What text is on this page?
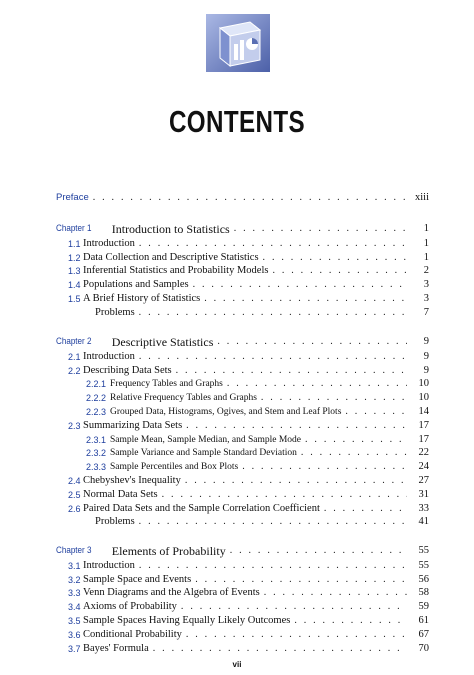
CONTENTS
Preface . . .	xiii
Chapter 1 Introduction to Statistics . . .	1
1.1 Introduction . . .	1
1.2 Data Collection and Descriptive Statistics . . .	1
1.3 Inferential Statistics and Probability Models . . .	2
1.4 Populations and Samples . . .	3
1.5 A Brief History of Statistics . . .	3
Problems . . .	7
Chapter 2 Descriptive Statistics . . .	9
2.1 Introduction . . .	9
2.2 Describing Data Sets . . .	9
2.2.1 Frequency Tables and Graphs . . .	10
2.2.2 Relative Frequency Tables and Graphs . . .	10
2.2.3 Grouped Data, Histograms, Ogives, and Stem and Leaf Plots . . .	14
2.3 Summarizing Data Sets . . .	17
2.3.1 Sample Mean, Sample Median, and Sample Mode . . .	17
2.3.2 Sample Variance and Sample Standard Deviation . . .	22
2.3.3 Sample Percentiles and Box Plots . . .	24
2.4 Chebyshev's Inequality . . .	27
2.5 Normal Data Sets . . .	31
2.6 Paired Data Sets and the Sample Correlation Coefficient . . .	33
Problems . . .	41
Chapter 3 Elements of Probability . . .	55
3.1 Introduction . . .	55
3.2 Sample Space and Events . . .	56
3.3 Venn Diagrams and the Algebra of Events . . .	58
3.4 Axioms of Probability . . .	59
3.5 Sample Spaces Having Equally Likely Outcomes . . .	61
3.6 Conditional Probability . . .	67
3.7 Bayes' Formula . . .	70
vii
